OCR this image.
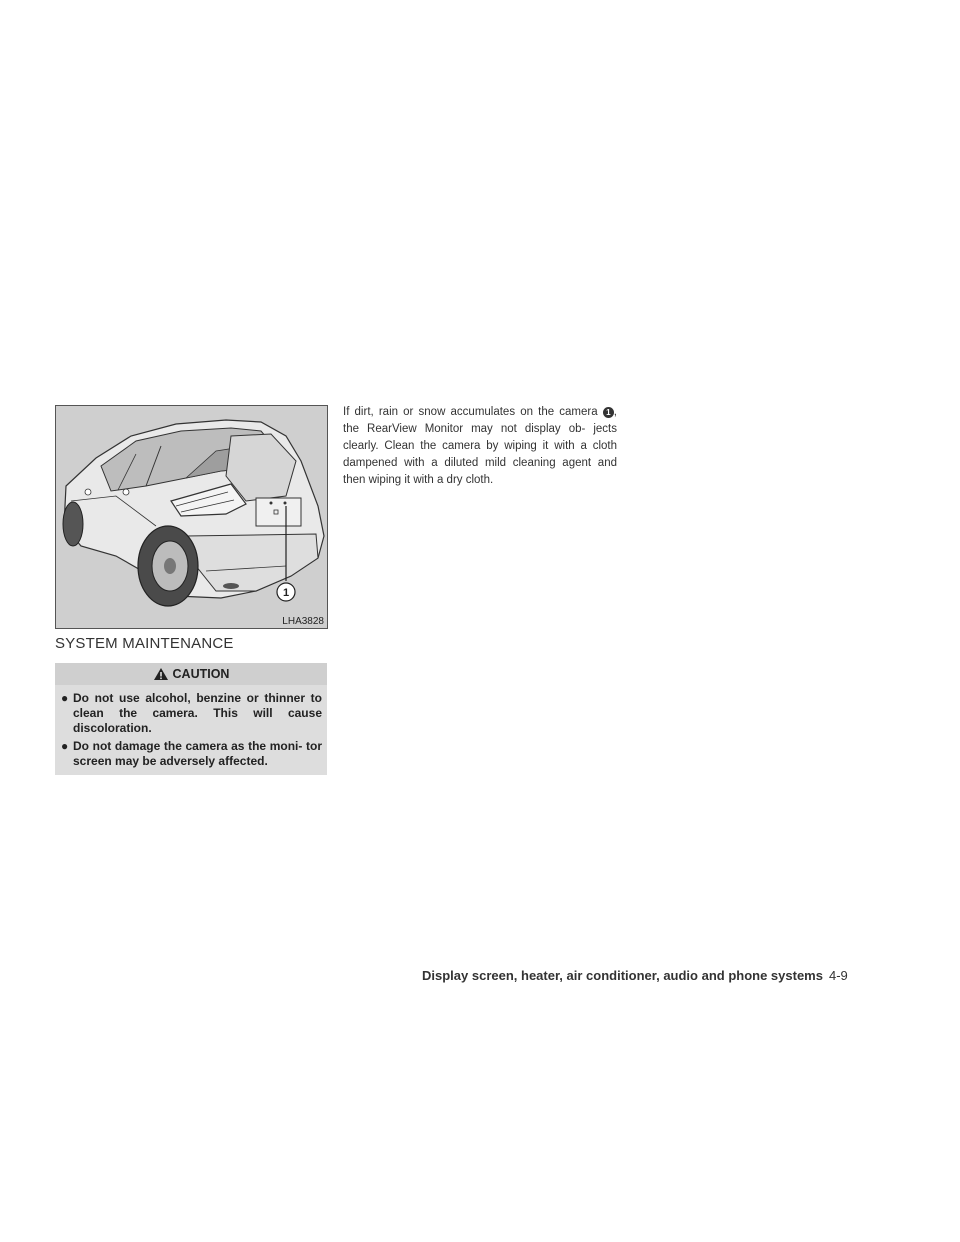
1
LHA3828
SYSTEM MAINTENANCE
CAUTION
● Do not use alcohol, benzine or thinner to clean the camera. This will cause discoloration.
● Do not damage the camera as the moni- tor screen may be adversely affected.

If dirt, rain or snow accumulates on the camera 1 , the RearView Monitor may not display ob- jects clearly. Clean the camera by wiping it with a cloth dampened with a diluted mild cleaning agent and then wiping it with a dry cloth.

Display screen, heater, air conditioner, audio and phone systems 4-9
